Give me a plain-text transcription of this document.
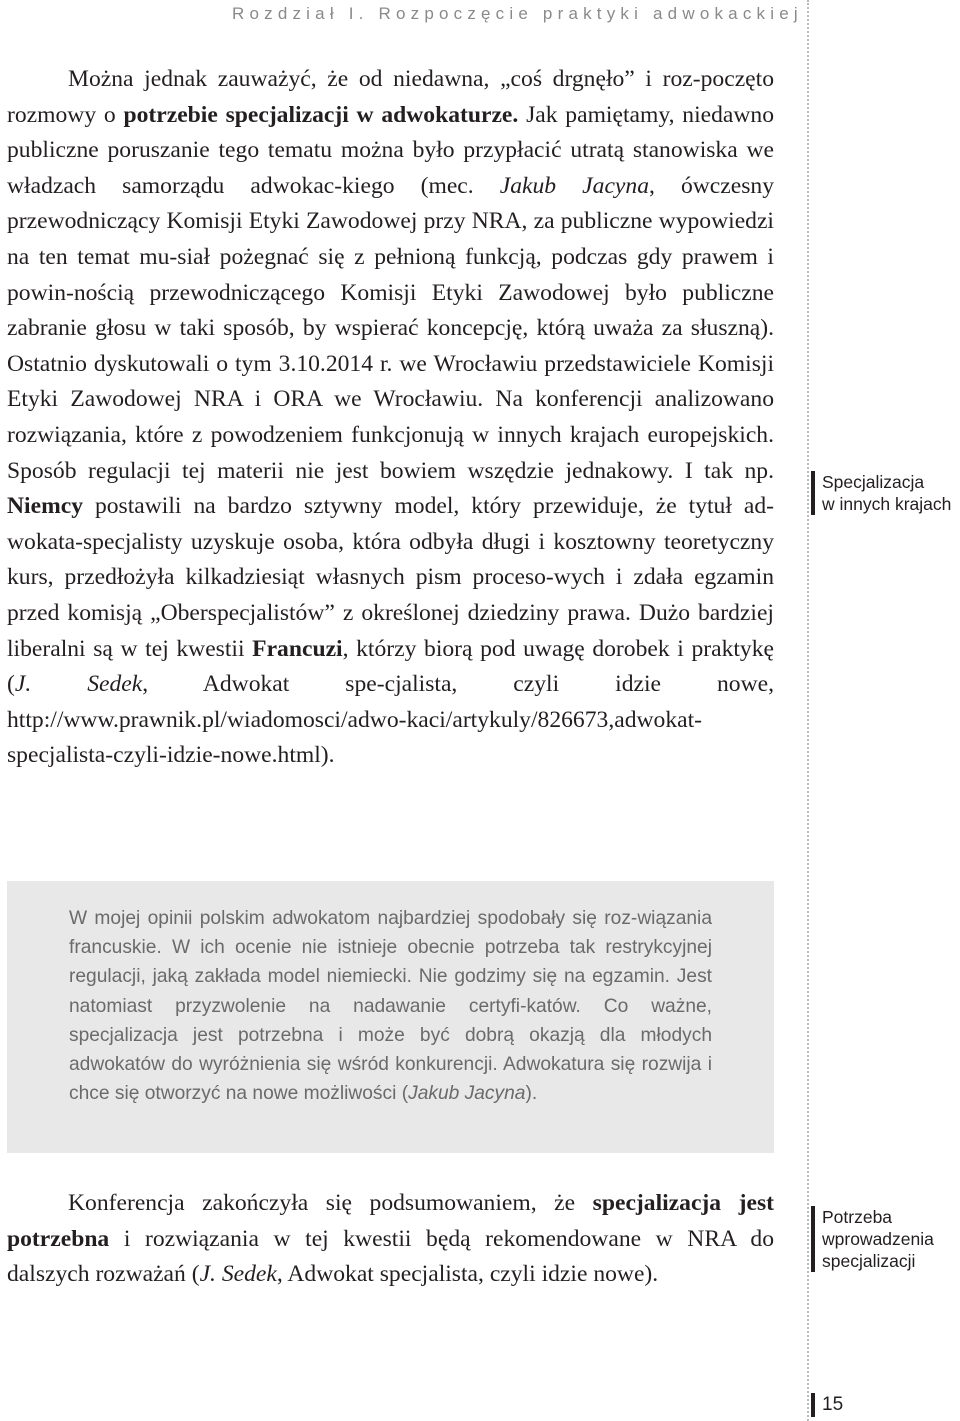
Rozdział I. Rozpoczęcie praktyki adwokackiej
Można jednak zauważyć, że od niedawna, „coś drgnęło” i roz-poczęto rozmowy o potrzebie specjalizacji w adwokaturze. Jak pamiętamy, niedawno publiczne poruszanie tego tematu można było przypłacić utratą stanowiska we władzach samorządu adwokac-kiego (mec. Jakub Jacyna, ówczesny przewodniczący Komisji Etyki Zawodowej przy NRA, za publiczne wypowiedzi na ten temat mu-siał pożegnać się z pełnioną funkcją, podczas gdy prawem i powin-nością przewodniczącego Komisji Etyki Zawodowej było publiczne zabranie głosu w taki sposób, by wspierać koncepcję, którą uważa za słuszną). Ostatnio dyskutowali o tym 3.10.2014 r. we Wrocławiu przedstawiciele Komisji Etyki Zawodowej NRA i ORA we Wrocławiu. Na konferencji analizowano rozwiązania, które z powodzeniem funkcjonują w innych krajach europejskich. Sposób regulacji tej materii nie jest bowiem wszędzie jednakowy. I tak np. Niemcy postawili na bardzo sztywny model, który przewiduje, że tytuł ad-wokata-specjalisty uzyskuje osoba, która odbyła długi i kosztowny teoretyczny kurs, przedłożyła kilkadziesiąt własnych pism proceso-wych i zdała egzamin przed komisją „Oberspecjalistów” z określonej dziedziny prawa. Dużo bardziej liberalni są w tej kwestii Francuzi, którzy biorą pod uwagę dorobek i praktykę (J. Sedek, Adwokat spe-cjalista, czyli idzie nowe, http://www.prawnik.pl/wiadomosci/adwo-kaci/artykuly/826673,adwokat-specjalista-czyli-idzie-nowe.html).
Specjalizacja
w innych krajach
W mojej opinii polskim adwokatom najbardziej spodobały się roz-wiązania francuskie. W ich ocenie nie istnieje obecnie potrzeba tak restrykcyjnej regulacji, jaką zakłada model niemiecki. Nie godzimy się na egzamin. Jest natomiast przyzwolenie na nadawanie certyfi-katów. Co ważne, specjalizacja jest potrzebna i może być dobrą okazją dla młodych adwokatów do wyróżnienia się wśród konkurencji. Adwokatura się rozwija i chce się otworzyć na nowe możliwości (Jakub Jacyna).
Konferencja zakończyła się podsumowaniem, że specjalizacja jest potrzebna i rozwiązania w tej kwestii będą rekomendowane w NRA do dalszych rozważań (J. Sedek, Adwokat specjalista, czyli idzie nowe).
Potrzeba
wprowadzenia
specjalizacji
15
